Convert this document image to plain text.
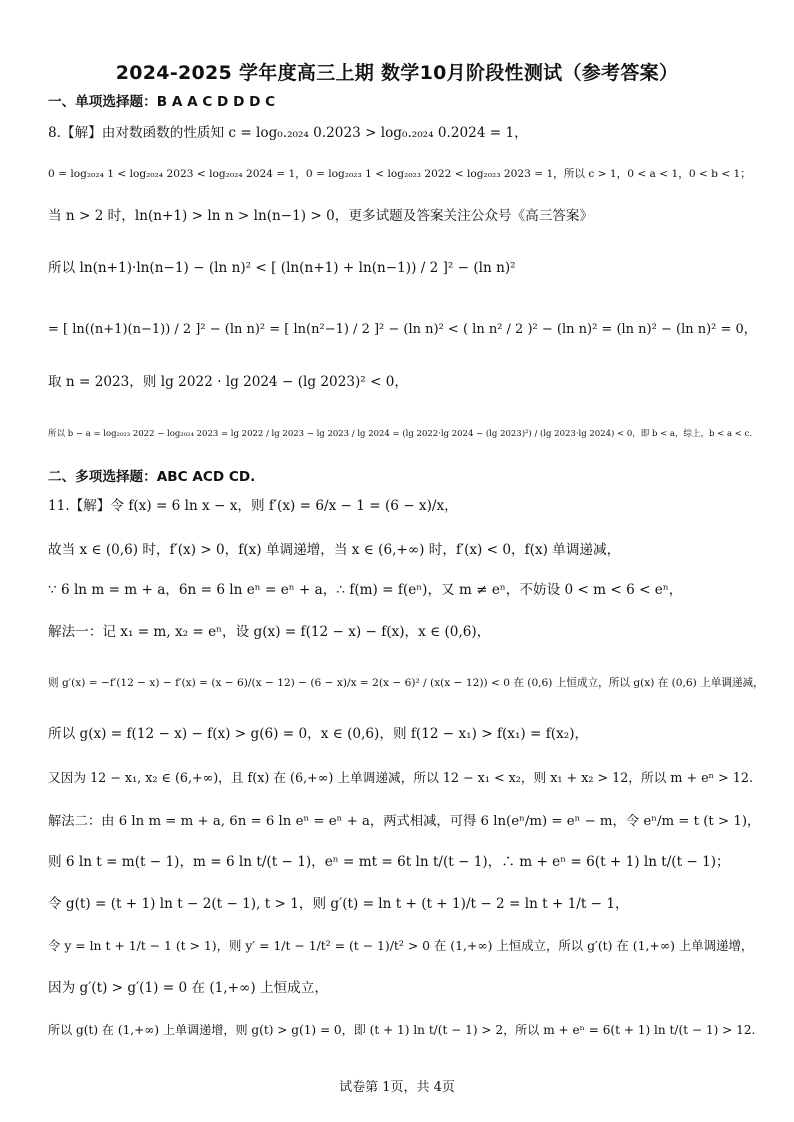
2024-2025 学年度高三上期 数学10月阶段性测试（参考答案）
一、单项选择题：B A A C D D D C
8.【解】由对数函数的性质知 c = log₀.₂₀₂₄ 0.2023 > log₀.₂₀₂₄ 0.2024 = 1，
0 = log₂₀₂₄ 1 < log₂₀₂₄ 2023 < log₂₀₂₄ 2024 = 1，0 = log₂₀₂₃ 1 < log₂₀₂₃ 2022 < log₂₀₂₃ 2023 = 1，所以 c > 1，0 < a < 1，0 < b < 1；
当 n > 2 时，ln(n+1) > ln n > ln(n−1) > 0，更多试题及答案关注公众号《高三答案》
所以 ln(n+1)·ln(n−1) − (ln n)² < [ (ln(n+1) + ln(n−1)) / 2 ]² − (ln n)²
= [ ln((n+1)(n−1)) / 2 ]² − (ln n)² = [ ln(n²−1) / 2 ]² − (ln n)² < ( ln n² / 2 )² − (ln n)² = (ln n)² − (ln n)² = 0，
取 n = 2023，则 lg 2022 · lg 2024 − (lg 2023)² < 0，
所以 b − a = log₂₀₂₃ 2022 − log₂₀₂₄ 2023 = lg 2022 / lg 2023 − lg 2023 / lg 2024 = (lg 2022·lg 2024 − (lg 2023)²) / (lg 2023·lg 2024) < 0，即 b < a，综上，b < a < c.
二、多项选择题：ABC ACD CD.
11.【解】令 f(x) = 6 ln x − x，则 f′(x) = 6/x − 1 = (6 − x)/x，
故当 x ∈ (0,6) 时，f′(x) > 0，f(x) 单调递增，当 x ∈ (6,+∞) 时，f′(x) < 0，f(x) 单调递减，
∵ 6 ln m = m + a，6n = 6 ln eⁿ = eⁿ + a，∴ f(m) = f(eⁿ)，又 m ≠ eⁿ，不妨设 0 < m < 6 < eⁿ，
解法一：记 x₁ = m, x₂ = eⁿ，设 g(x) = f(12 − x) − f(x)，x ∈ (0,6)，
则 g′(x) = −f′(12 − x) − f′(x) = (x − 6)/(x − 12) − (6 − x)/x = 2(x − 6)² / (x(x − 12)) < 0 在 (0,6) 上恒成立，所以 g(x) 在 (0,6) 上单调递减，
所以 g(x) = f(12 − x) − f(x) > g(6) = 0，x ∈ (0,6)，则 f(12 − x₁) > f(x₁) = f(x₂)，
又因为 12 − x₁, x₂ ∈ (6,+∞)，且 f(x) 在 (6,+∞) 上单调递减，所以 12 − x₁ < x₂，则 x₁ + x₂ > 12，所以 m + eⁿ > 12.
解法二：由 6 ln m = m + a, 6n = 6 ln eⁿ = eⁿ + a，两式相减，可得 6 ln(eⁿ/m) = eⁿ − m，令 eⁿ/m = t (t > 1)，
则 6 ln t = m(t − 1)，m = 6 ln t/(t − 1)，eⁿ = mt = 6t ln t/(t − 1)，∴ m + eⁿ = 6(t + 1) ln t/(t − 1)；
令 g(t) = (t + 1) ln t − 2(t − 1), t > 1，则 g′(t) = ln t + (t + 1)/t − 2 = ln t + 1/t − 1，
令 y = ln t + 1/t − 1 (t > 1)，则 y′ = 1/t − 1/t² = (t − 1)/t² > 0 在 (1,+∞) 上恒成立，所以 g′(t) 在 (1,+∞) 上单调递增，
因为 g′(t) > g′(1) = 0 在 (1,+∞) 上恒成立，
所以 g(t) 在 (1,+∞) 上单调递增，则 g(t) > g(1) = 0，即 (t + 1) ln t/(t − 1) > 2，所以 m + eⁿ = 6(t + 1) ln t/(t − 1) > 12.
试卷第 1页，共 4页
